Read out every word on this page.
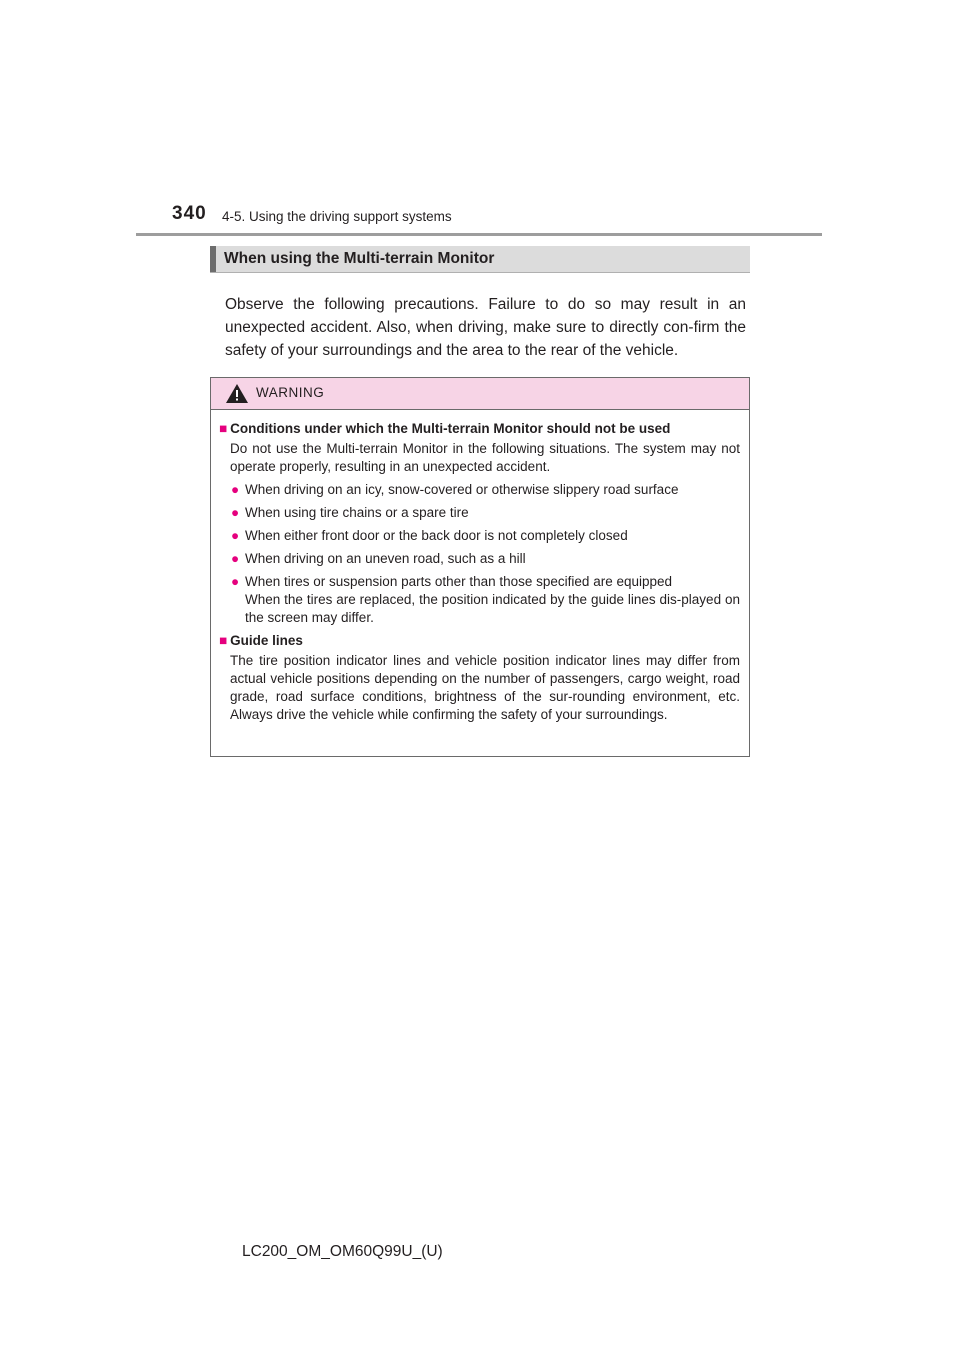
340 4-5. Using the driving support systems
When using the Multi-terrain Monitor

Observe the following precautions. Failure to do so may result in an unexpected accident. Also, when driving, make sure to directly con-firm the safety of your surroundings and the area to the rear of the vehicle.

WARNING

■ Conditions under which the Multi-terrain Monitor should not be used

Do not use the Multi-terrain Monitor in the following situations. The system may not operate properly, resulting in an unexpected accident.

● When driving on an icy, snow-covered or otherwise slippery road surface
● When using tire chains or a spare tire
● When either front door or the back door is not completely closed
● When driving on an uneven road, such as a hill
● When tires or suspension parts other than those specified are equipped

When the tires are replaced, the position indicated by the guide lines dis-played on the screen may differ.

■ Guide lines

The tire position indicator lines and vehicle position indicator lines may differ from actual vehicle positions depending on the number of passengers, cargo weight, road grade, road surface conditions, brightness of the sur-rounding environment, etc. Always drive the vehicle while confirming the safety of your surroundings.

LC200_OM_OM60Q99U_(U)
